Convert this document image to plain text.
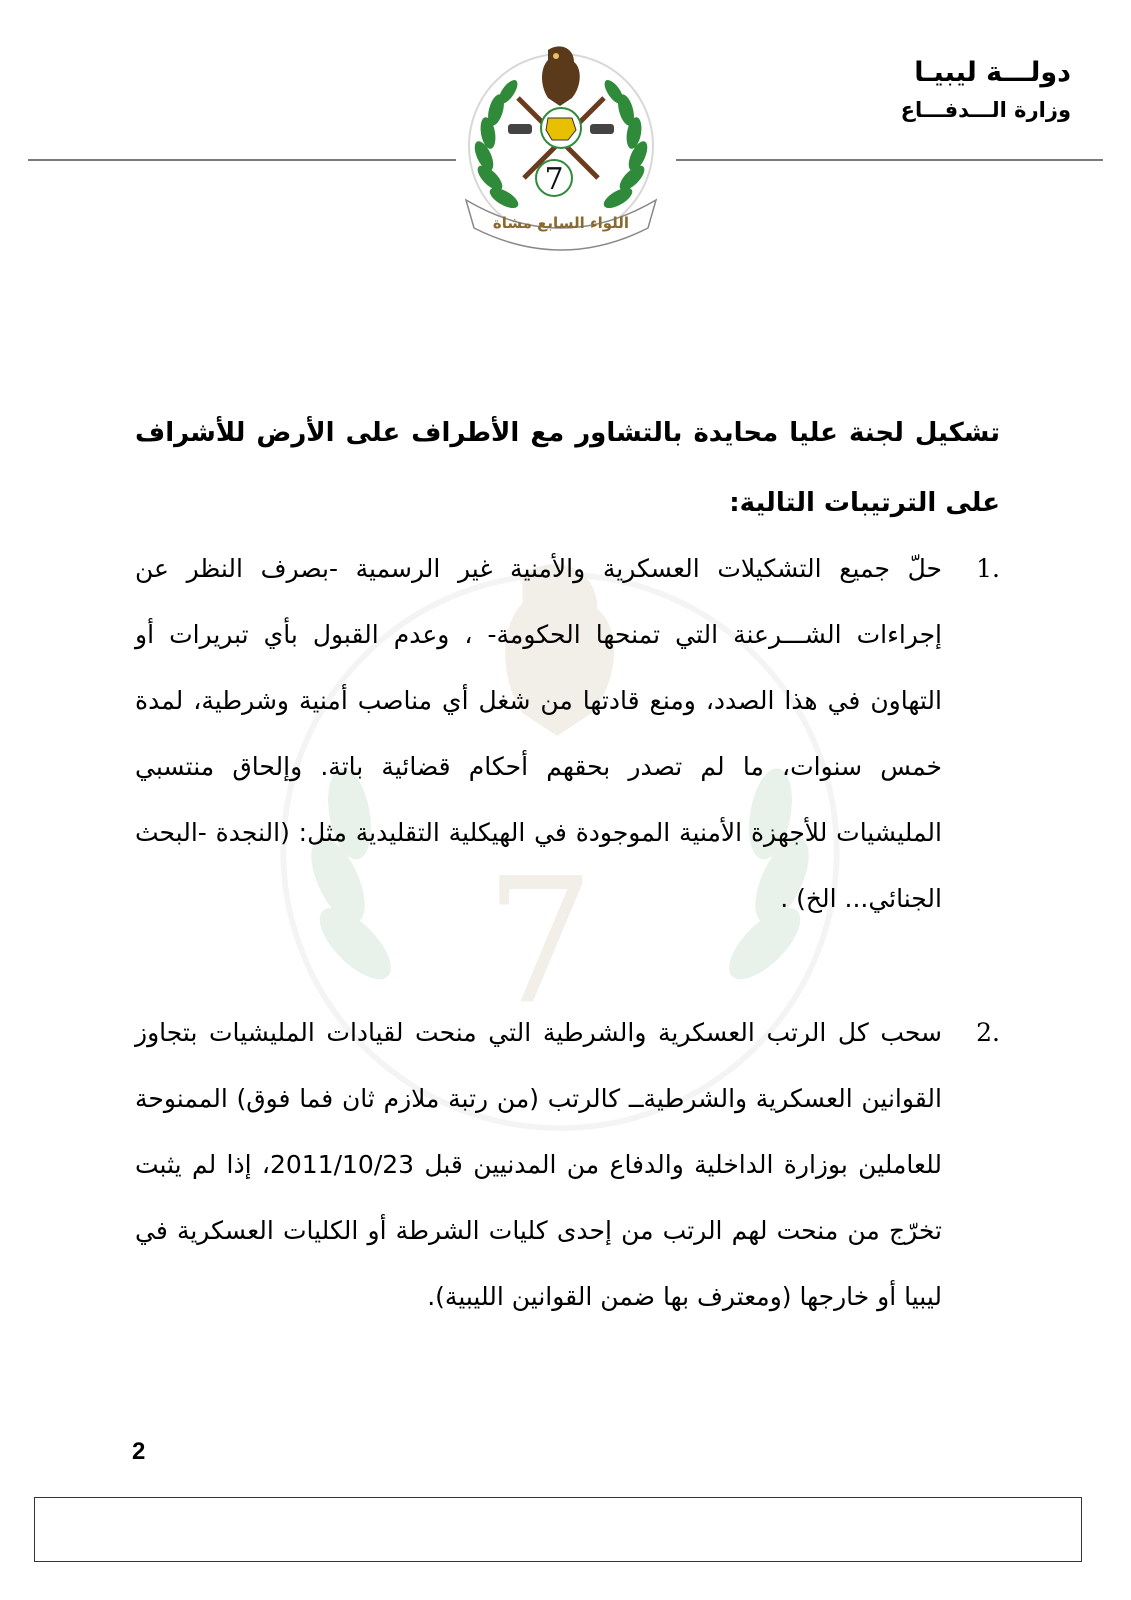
اللواء السابع مشاة
7
7
دولـــة ليبيـا
وزارة الـــدفـــاع
تشكيل لجنة عليا محايدة بالتشاور مع الأطراف على الأرض للأشراف على الترتيبات التالية:
1.
حلّ جميع التشكيلات العسكرية والأمنية غير الرسمية -بصرف النظر عن إجراءات الشـــرعنة التي تمنحها الحكومة- ، وعدم القبول بأي تبريرات أو التهاون في هذا الصدد، ومنع قادتها من شغل أي مناصب أمنية وشرطية، لمدة خمس سنوات، ما لم تصدر بحقهم أحكام قضائية باتة. وإلحاق منتسبي المليشيات للأجهزة الأمنية الموجودة في الهيكلية التقليدية مثل: (النجدة -البحث الجنائي... الخ) .
2.
سحب كل الرتب العسكرية والشرطية التي منحت لقيادات المليشيات بتجاوز القوانين العسكرية والشرطيةــ كالرتب (من رتبة ملازم ثان فما فوق) الممنوحة للعاملين بوزارة الداخلية والدفاع من المدنيين قبل 2011/10/23، إذا لم يثبت تخرّج من منحت لهم الرتب من إحدى كليات الشرطة أو الكليات العسكرية في ليبيا أو خارجها (ومعترف بها ضمن القوانين الليبية).
2
